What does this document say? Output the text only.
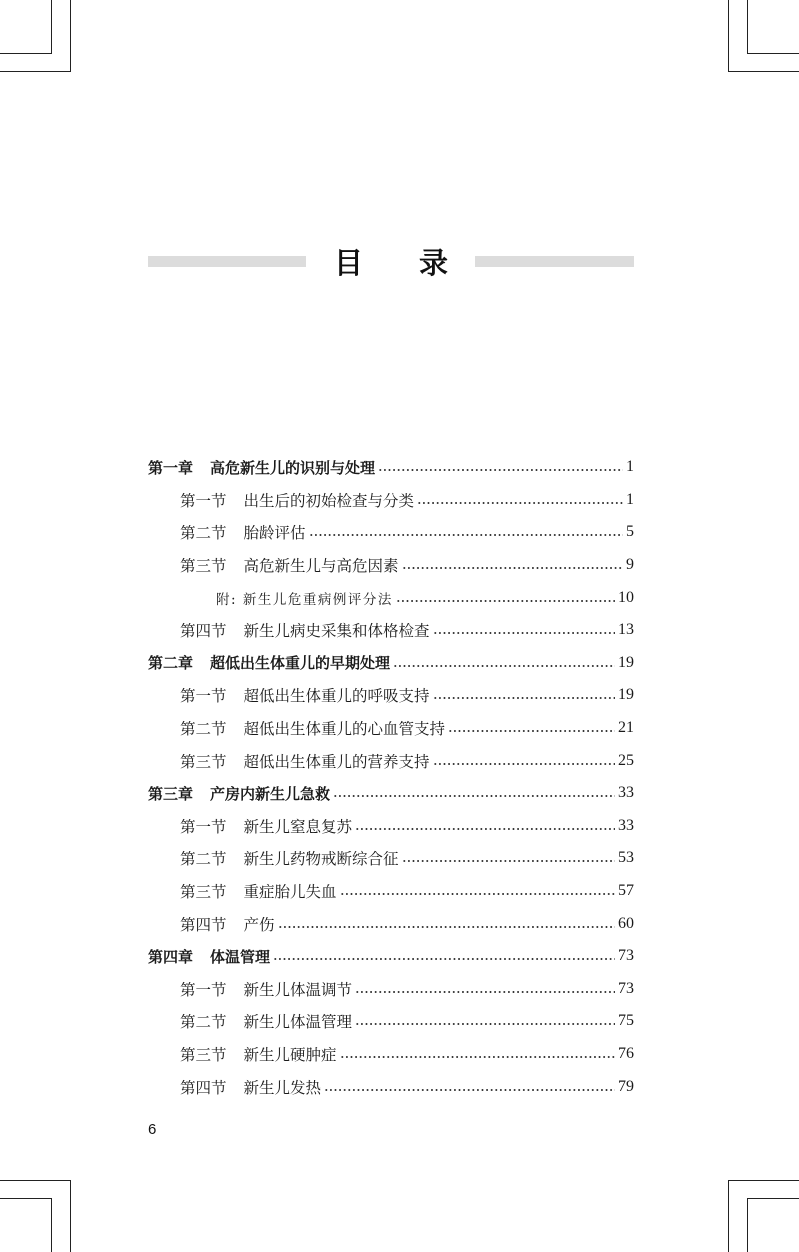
目 录
第一章 高危新生儿的识别与处理	1
第一节 出生后的初始检查与分类	1
第二节 胎龄评估	5
第三节 高危新生儿与高危因素	9
附: 新生儿危重病例评分法	10
第四节 新生儿病史采集和体格检查	13
第二章 超低出生体重儿的早期处理	19
第一节 超低出生体重儿的呼吸支持	19
第二节 超低出生体重儿的心血管支持	21
第三节 超低出生体重儿的营养支持	25
第三章 产房内新生儿急救	33
第一节 新生儿窒息复苏	33
第二节 新生儿药物戒断综合征	53
第三节 重症胎儿失血	57
第四节 产伤	60
第四章 体温管理	73
第一节 新生儿体温调节	73
第二节 新生儿体温管理	75
第三节 新生儿硬肿症	76
第四节 新生儿发热	79
6
